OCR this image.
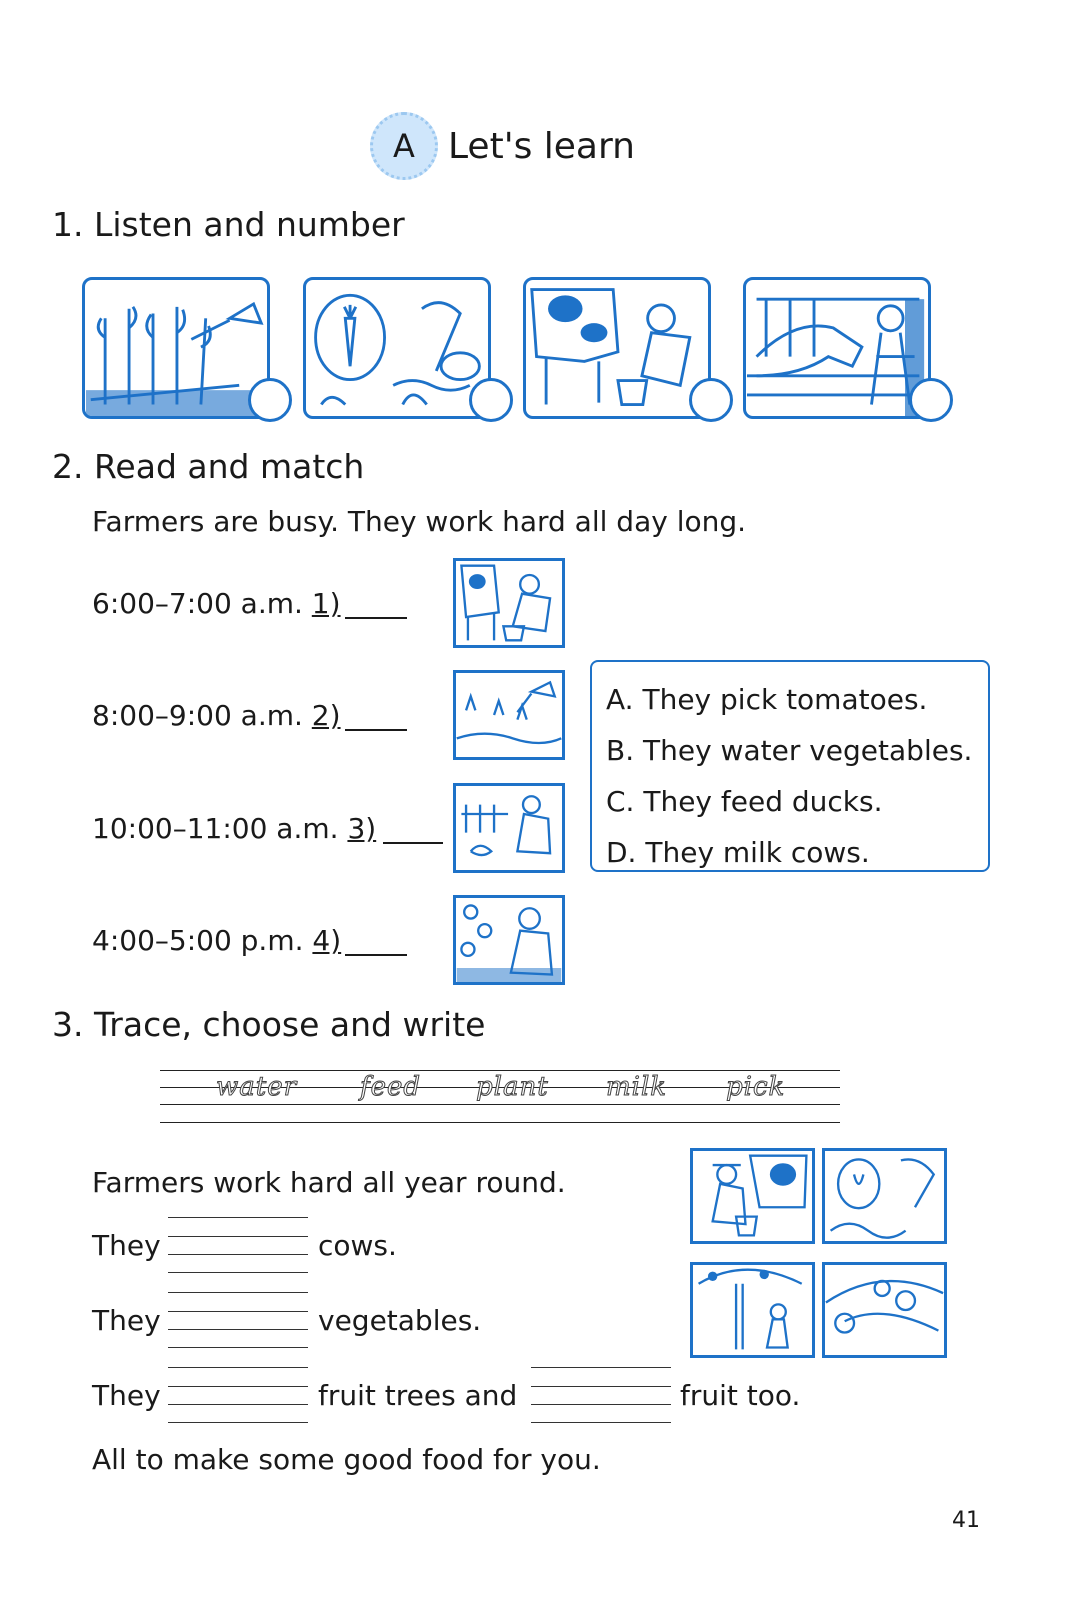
A Let's learn
1. Listen and number
2. Read and match
Farmers are busy. They work hard all day long.
6:00–7:00 a.m. 1)
8:00–9:00 a.m. 2)
10:00–11:00 a.m. 3)
4:00–5:00 p.m. 4)
A. They pick tomatoes.
B. They water vegetables.
C. They feed ducks.
D. They milk cows.
3. Trace, choose and write
water feed plant milk pick
Farmers work hard all year round.
They	cows.
They	vegetables.
They	fruit trees and	fruit too.
All to make some good food for you.
41
